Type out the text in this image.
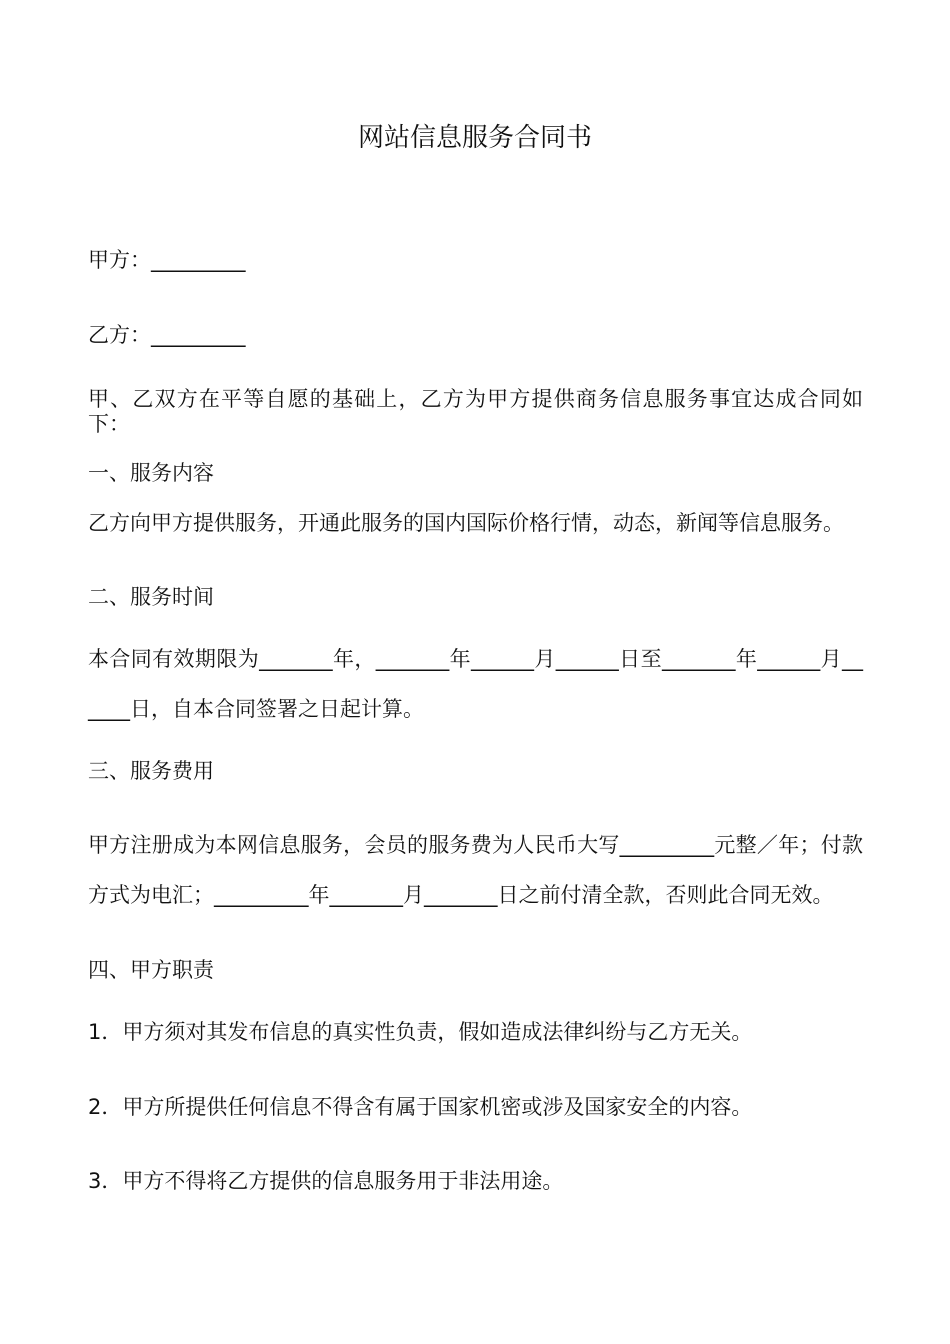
网站信息服务合同书
甲方：_________
乙方：_________
甲、乙双方在平等自愿的基础上，乙方为甲方提供商务信息服务事宜达成合同如下：
一、服务内容
乙方向甲方提供服务，开通此服务的国内国际价格行情，动态，新闻等信息服务。
二、服务时间
本合同有效期限为_______年，_______年______月______日至_______年______月______日，自本合同签署之日起计算。
三、服务费用
甲方注册成为本网信息服务，会员的服务费为人民币大写_________元整／年；付款方式为电汇；_________年_______月_______日之前付清全款，否则此合同无效。
四、甲方职责
1．甲方须对其发布信息的真实性负责，假如造成法律纠纷与乙方无关。
2．甲方所提供任何信息不得含有属于国家机密或涉及国家安全的内容。
3．甲方不得将乙方提供的信息服务用于非法用途。
